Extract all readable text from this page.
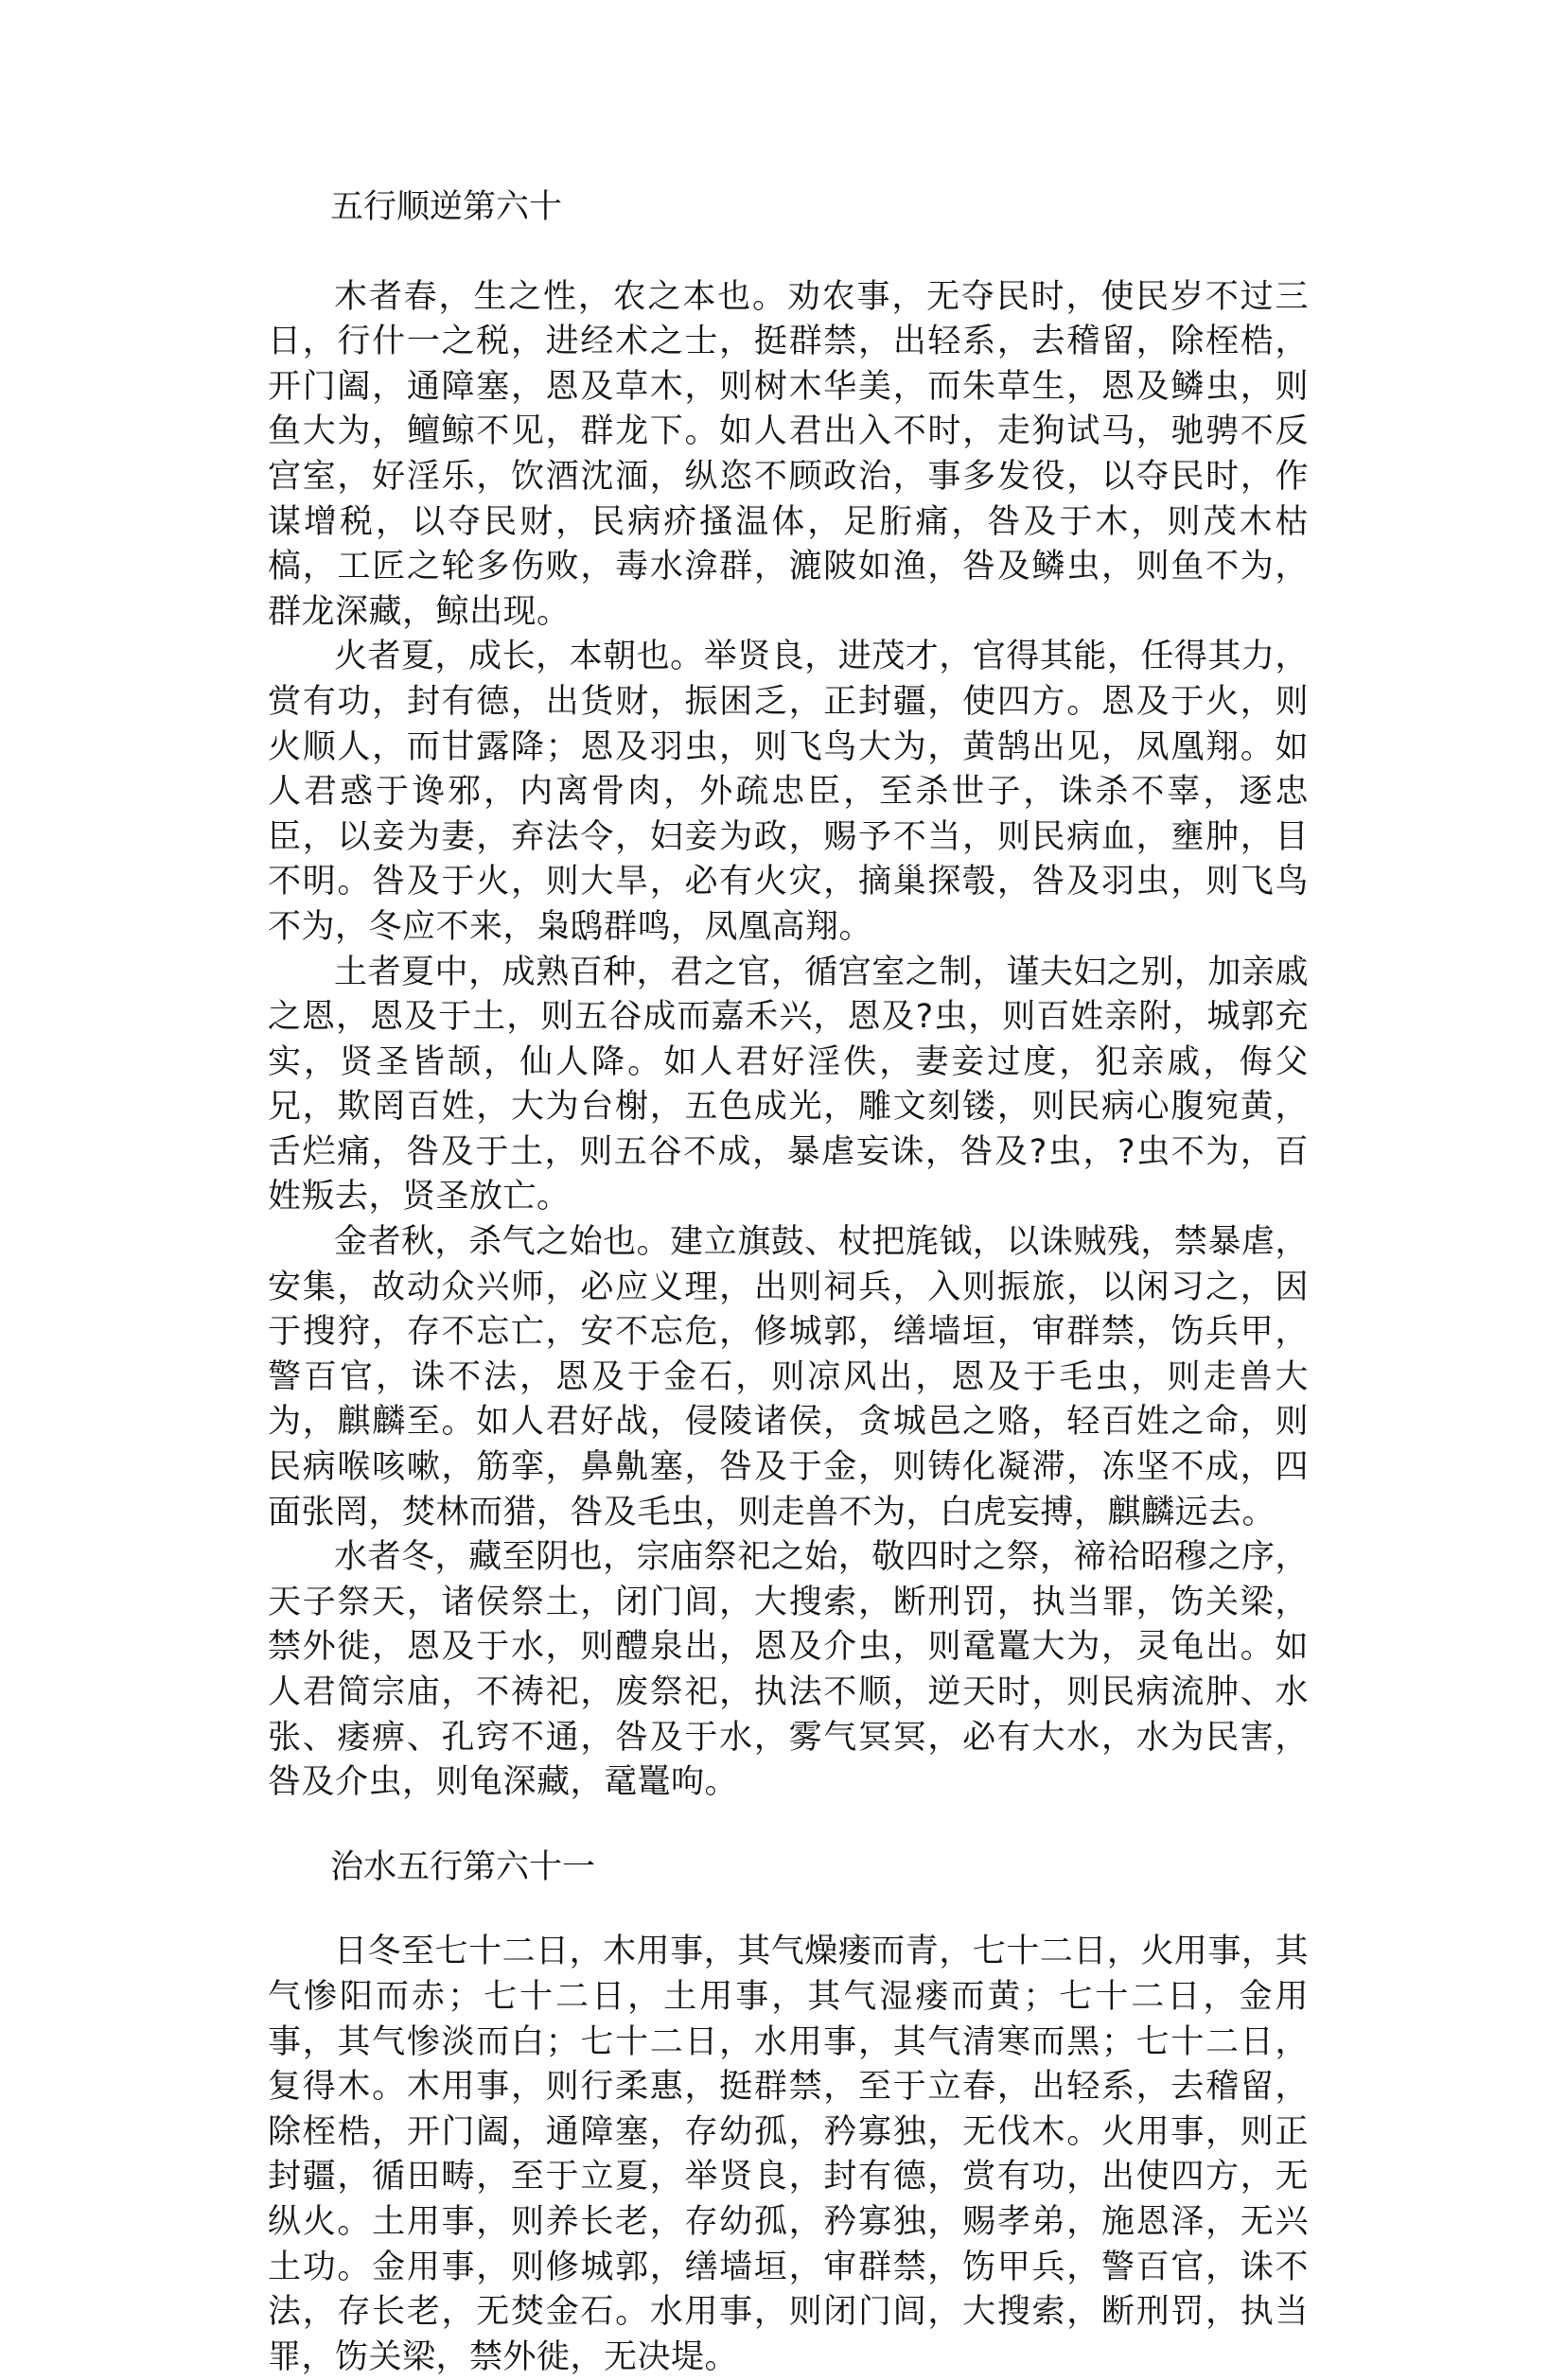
五行顺逆第六十

木者春，生之性，农之本也。劝农事，无夺民时，使民岁不过三日，行什一之税，进经术之士，挺群禁，出轻系，去稽留，除桎梏，开门阖，通障塞，恩及草木，则树木华美，而朱草生，恩及鳞虫，则鱼大为，鳣鲸不见，群龙下。如人君出入不时，走狗试马，驰骋不反宫室，好淫乐，饮酒沈湎，纵恣不顾政治，事多发役，以夺民时，作谋增税，以夺民财，民病疥搔温体，足胻痛，咎及于木，则茂木枯槁，工匠之轮多伤败，毒水渰群，漉陂如渔，咎及鳞虫，则鱼不为，群龙深藏，鲸出现。

火者夏，成长，本朝也。举贤良，进茂才，官得其能，任得其力，赏有功，封有德，出货财，振困乏，正封疆，使四方。恩及于火，则火顺人，而甘露降；恩及羽虫，则飞鸟大为，黄鹄出见，凤凰翔。如人君惑于谗邪，内离骨肉，外疏忠臣，至杀世子，诛杀不辜，逐忠臣，以妾为妻，弃法令，妇妾为政，赐予不当，则民病血，壅肿，目不明。咎及于火，则大旱，必有火灾，摘巢探彀，咎及羽虫，则飞鸟不为，冬应不来，枭鸱群鸣，凤凰高翔。

土者夏中，成熟百种，君之官，循宫室之制，谨夫妇之别，加亲戚之恩，恩及于土，则五谷成而嘉禾兴，恩及?虫，则百姓亲附，城郭充实，贤圣皆颉，仙人降。如人君好淫佚，妻妾过度，犯亲戚，侮父兄，欺罔百姓，大为台榭，五色成光，雕文刻镂，则民病心腹宛黄，舌烂痛，咎及于土，则五谷不成，暴虐妄诛，咎及?虫，?虫不为，百姓叛去，贤圣放亡。

金者秋，杀气之始也。建立旗鼓、杖把旄钺，以诛贼残，禁暴虐，安集，故动众兴师，必应义理，出则祠兵，入则振旅，以闲习之，因于搜狩，存不忘亡，安不忘危，修城郭，缮墙垣，审群禁，饬兵甲，警百官，诛不法，恩及于金石，则凉风出，恩及于毛虫，则走兽大为，麒麟至。如人君好战，侵陵诸侯，贪城邑之赂，轻百姓之命，则民病喉咳嗽，筋挛，鼻鼽塞，咎及于金，则铸化凝滞，冻坚不成，四面张罔，焚林而猎，咎及毛虫，则走兽不为，白虎妄搏，麒麟远去。

水者冬，藏至阴也，宗庙祭祀之始，敬四时之祭，禘祫昭穆之序，天子祭天，诸侯祭土，闭门闾，大搜索，断刑罚，执当罪，饬关梁，禁外徙，恩及于水，则醴泉出，恩及介虫，则鼋鼍大为，灵龟出。如人君简宗庙，不祷祀，废祭祀，执法不顺，逆天时，则民病流肿、水张、痿痹、孔窍不通，咎及于水，雾气冥冥，必有大水，水为民害，咎及介虫，则龟深藏，鼋鼍呴。

治水五行第六十一

日冬至七十二日，木用事，其气燥瘘而青，七十二日，火用事，其气惨阳而赤；七十二日，土用事，其气湿瘘而黄；七十二日，金用事，其气惨淡而白；七十二日，水用事，其气清寒而黑；七十二日，复得木。木用事，则行柔惠，挺群禁，至于立春，出轻系，去稽留，除桎梏，开门阖，通障塞，存幼孤，矜寡独，无伐木。火用事，则正封疆，循田畴，至于立夏，举贤良，封有德，赏有功，出使四方，无纵火。土用事，则养长老，存幼孤，矜寡独，赐孝弟，施恩泽，无兴土功。金用事，则修城郭，缮墙垣，审群禁，饬甲兵，警百官，诛不法，存长老，无焚金石。水用事，则闭门闾，大搜索，断刑罚，执当罪，饬关梁，禁外徙，无决堤。
